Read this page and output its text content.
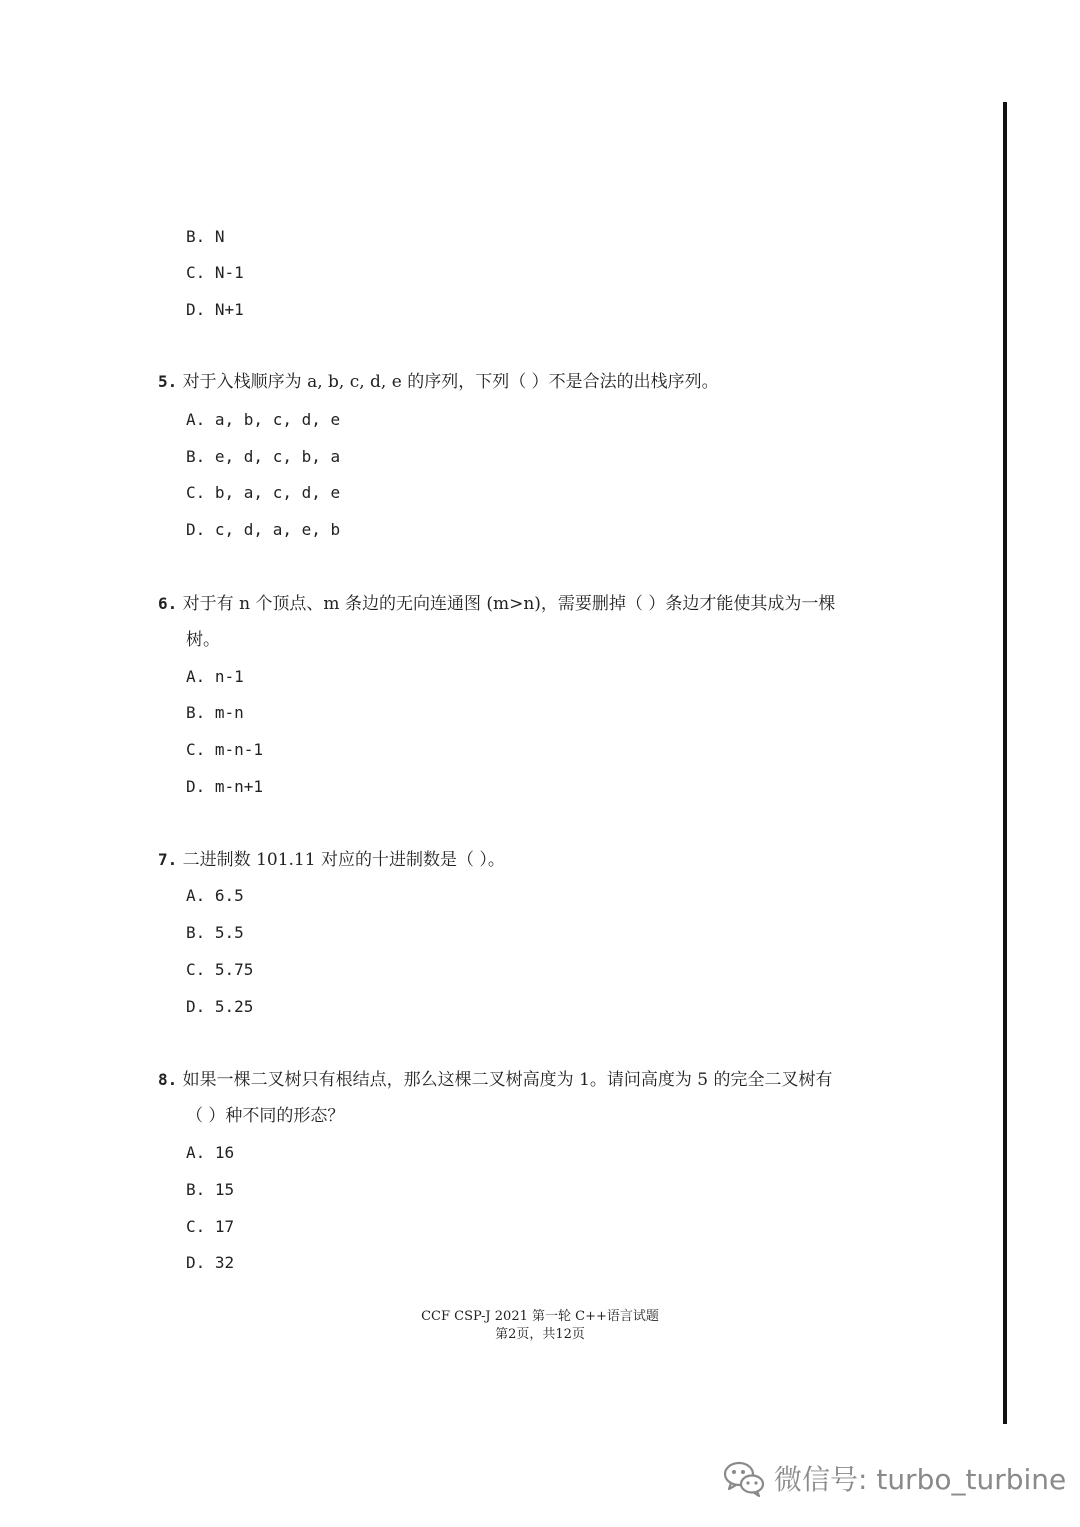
B. N
C. N-1
D. N+1
5. 对于入栈顺序为 a, b, c, d, e 的序列，下列（ ）不是合法的出栈序列。
A. a, b, c, d, e
B. e, d, c, b, a
C. b, a, c, d, e
D. c, d, a, e, b
6. 对于有 n 个顶点、m 条边的无向连通图 (m>n)，需要删掉（ ）条边才能使其成为一棵
树。
A. n-1
B. m-n
C. m-n-1
D. m-n+1
7. 二进制数 101.11 对应的十进制数是（ ）。
A. 6.5
B. 5.5
C. 5.75
D. 5.25
8. 如果一棵二叉树只有根结点，那么这棵二叉树高度为 1。请问高度为 5 的完全二叉树有
（ ）种不同的形态？
A. 16
B. 15
C. 17
D. 32
CCF CSP-J 2021 第一轮 C++语言试题
第2页，共12页
微信号: turbo_turbine
